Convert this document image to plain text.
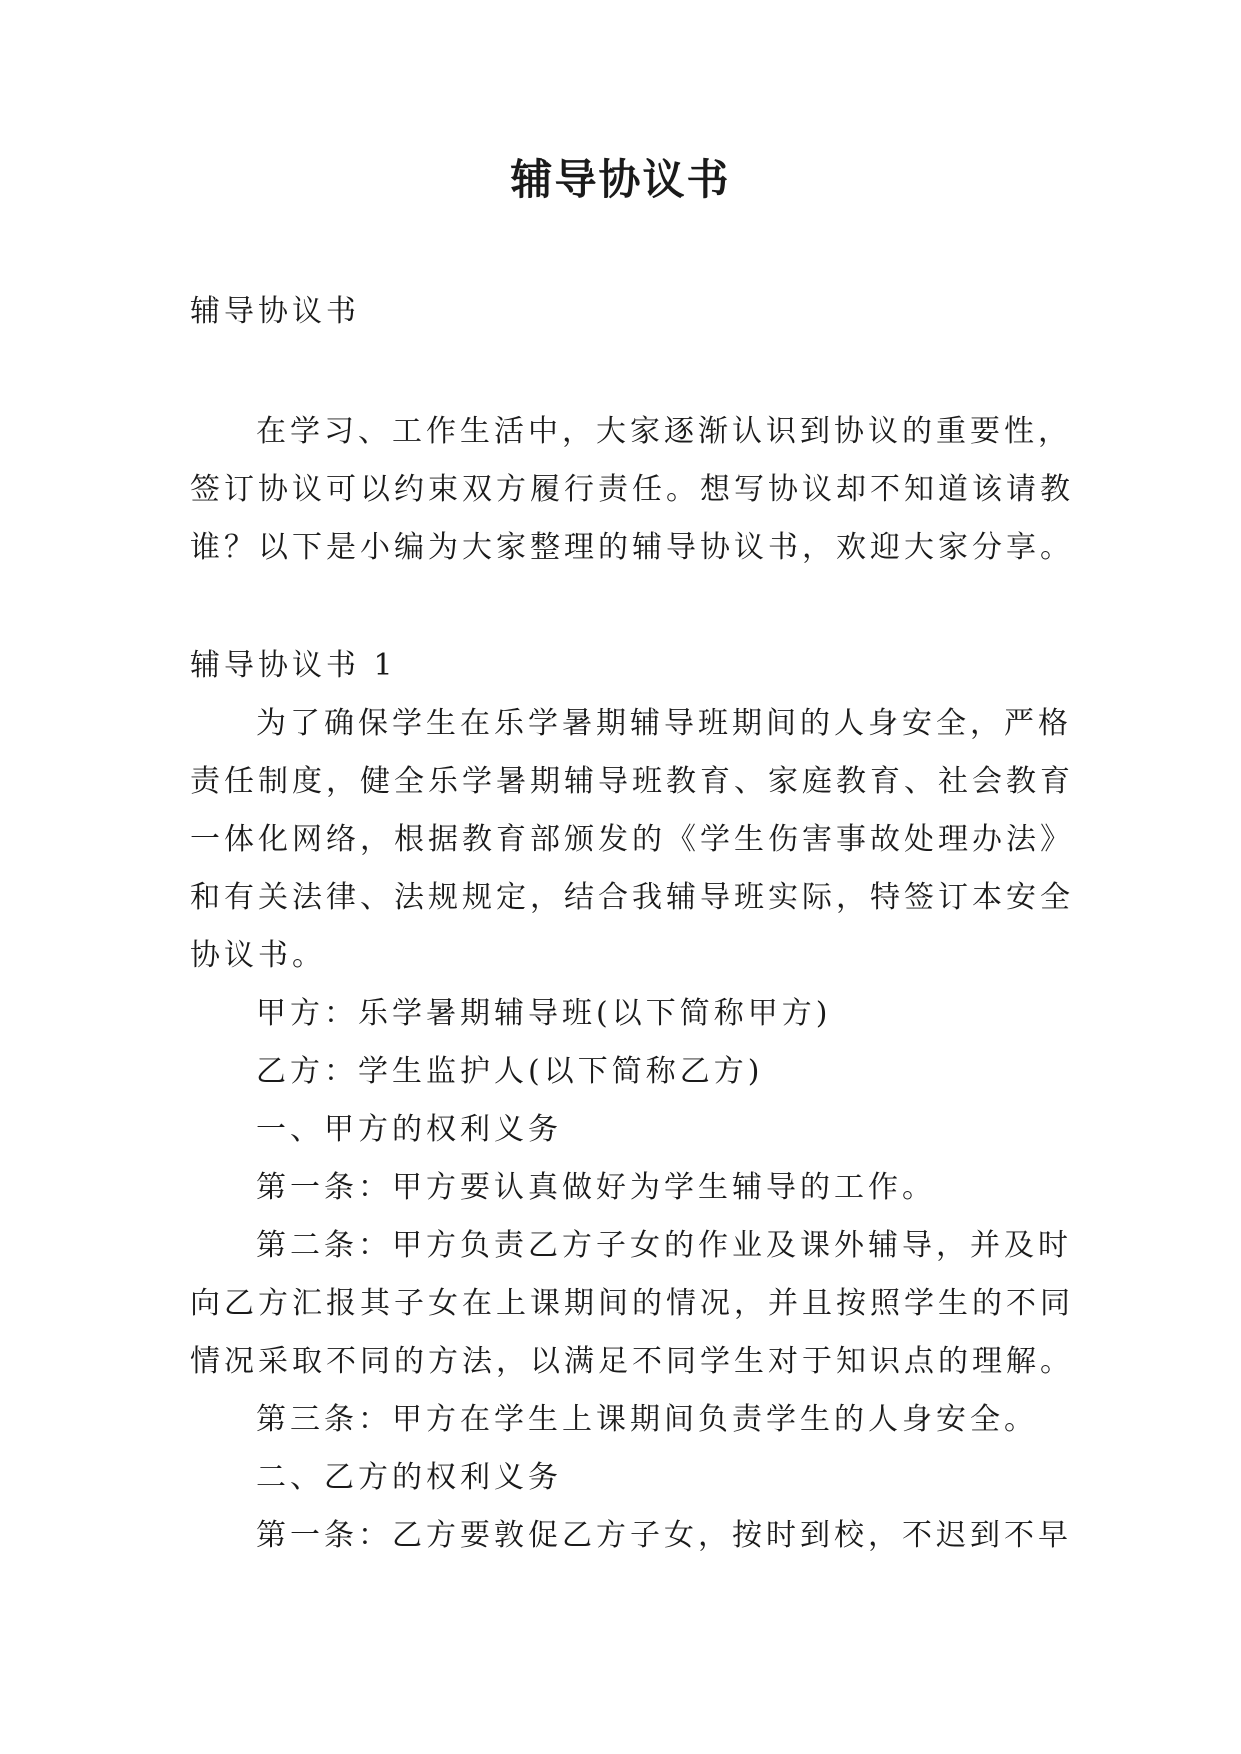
辅导协议书

辅导协议书

在学习、工作生活中，大家逐渐认识到协议的重要性，

签订协议可以约束双方履行责任。想写协议却不知道该请教

谁？以下是小编为大家整理的辅导协议书，欢迎大家分享。

辅导协议书 1

为了确保学生在乐学暑期辅导班期间的人身安全，严格

责任制度，健全乐学暑期辅导班教育、家庭教育、社会教育

一体化网络，根据教育部颁发的《学生伤害事故处理办法》

和有关法律、法规规定，结合我辅导班实际，特签订本安全

协议书。

甲方：乐学暑期辅导班(以下简称甲方)

乙方：学生监护人(以下简称乙方)

一、甲方的权利义务

第一条：甲方要认真做好为学生辅导的工作。

第二条：甲方负责乙方子女的作业及课外辅导，并及时

向乙方汇报其子女在上课期间的情况，并且按照学生的不同

情况采取不同的方法，以满足不同学生对于知识点的理解。

第三条：甲方在学生上课期间负责学生的人身安全。

二、乙方的权利义务

第一条：乙方要敦促乙方子女，按时到校，不迟到不早
